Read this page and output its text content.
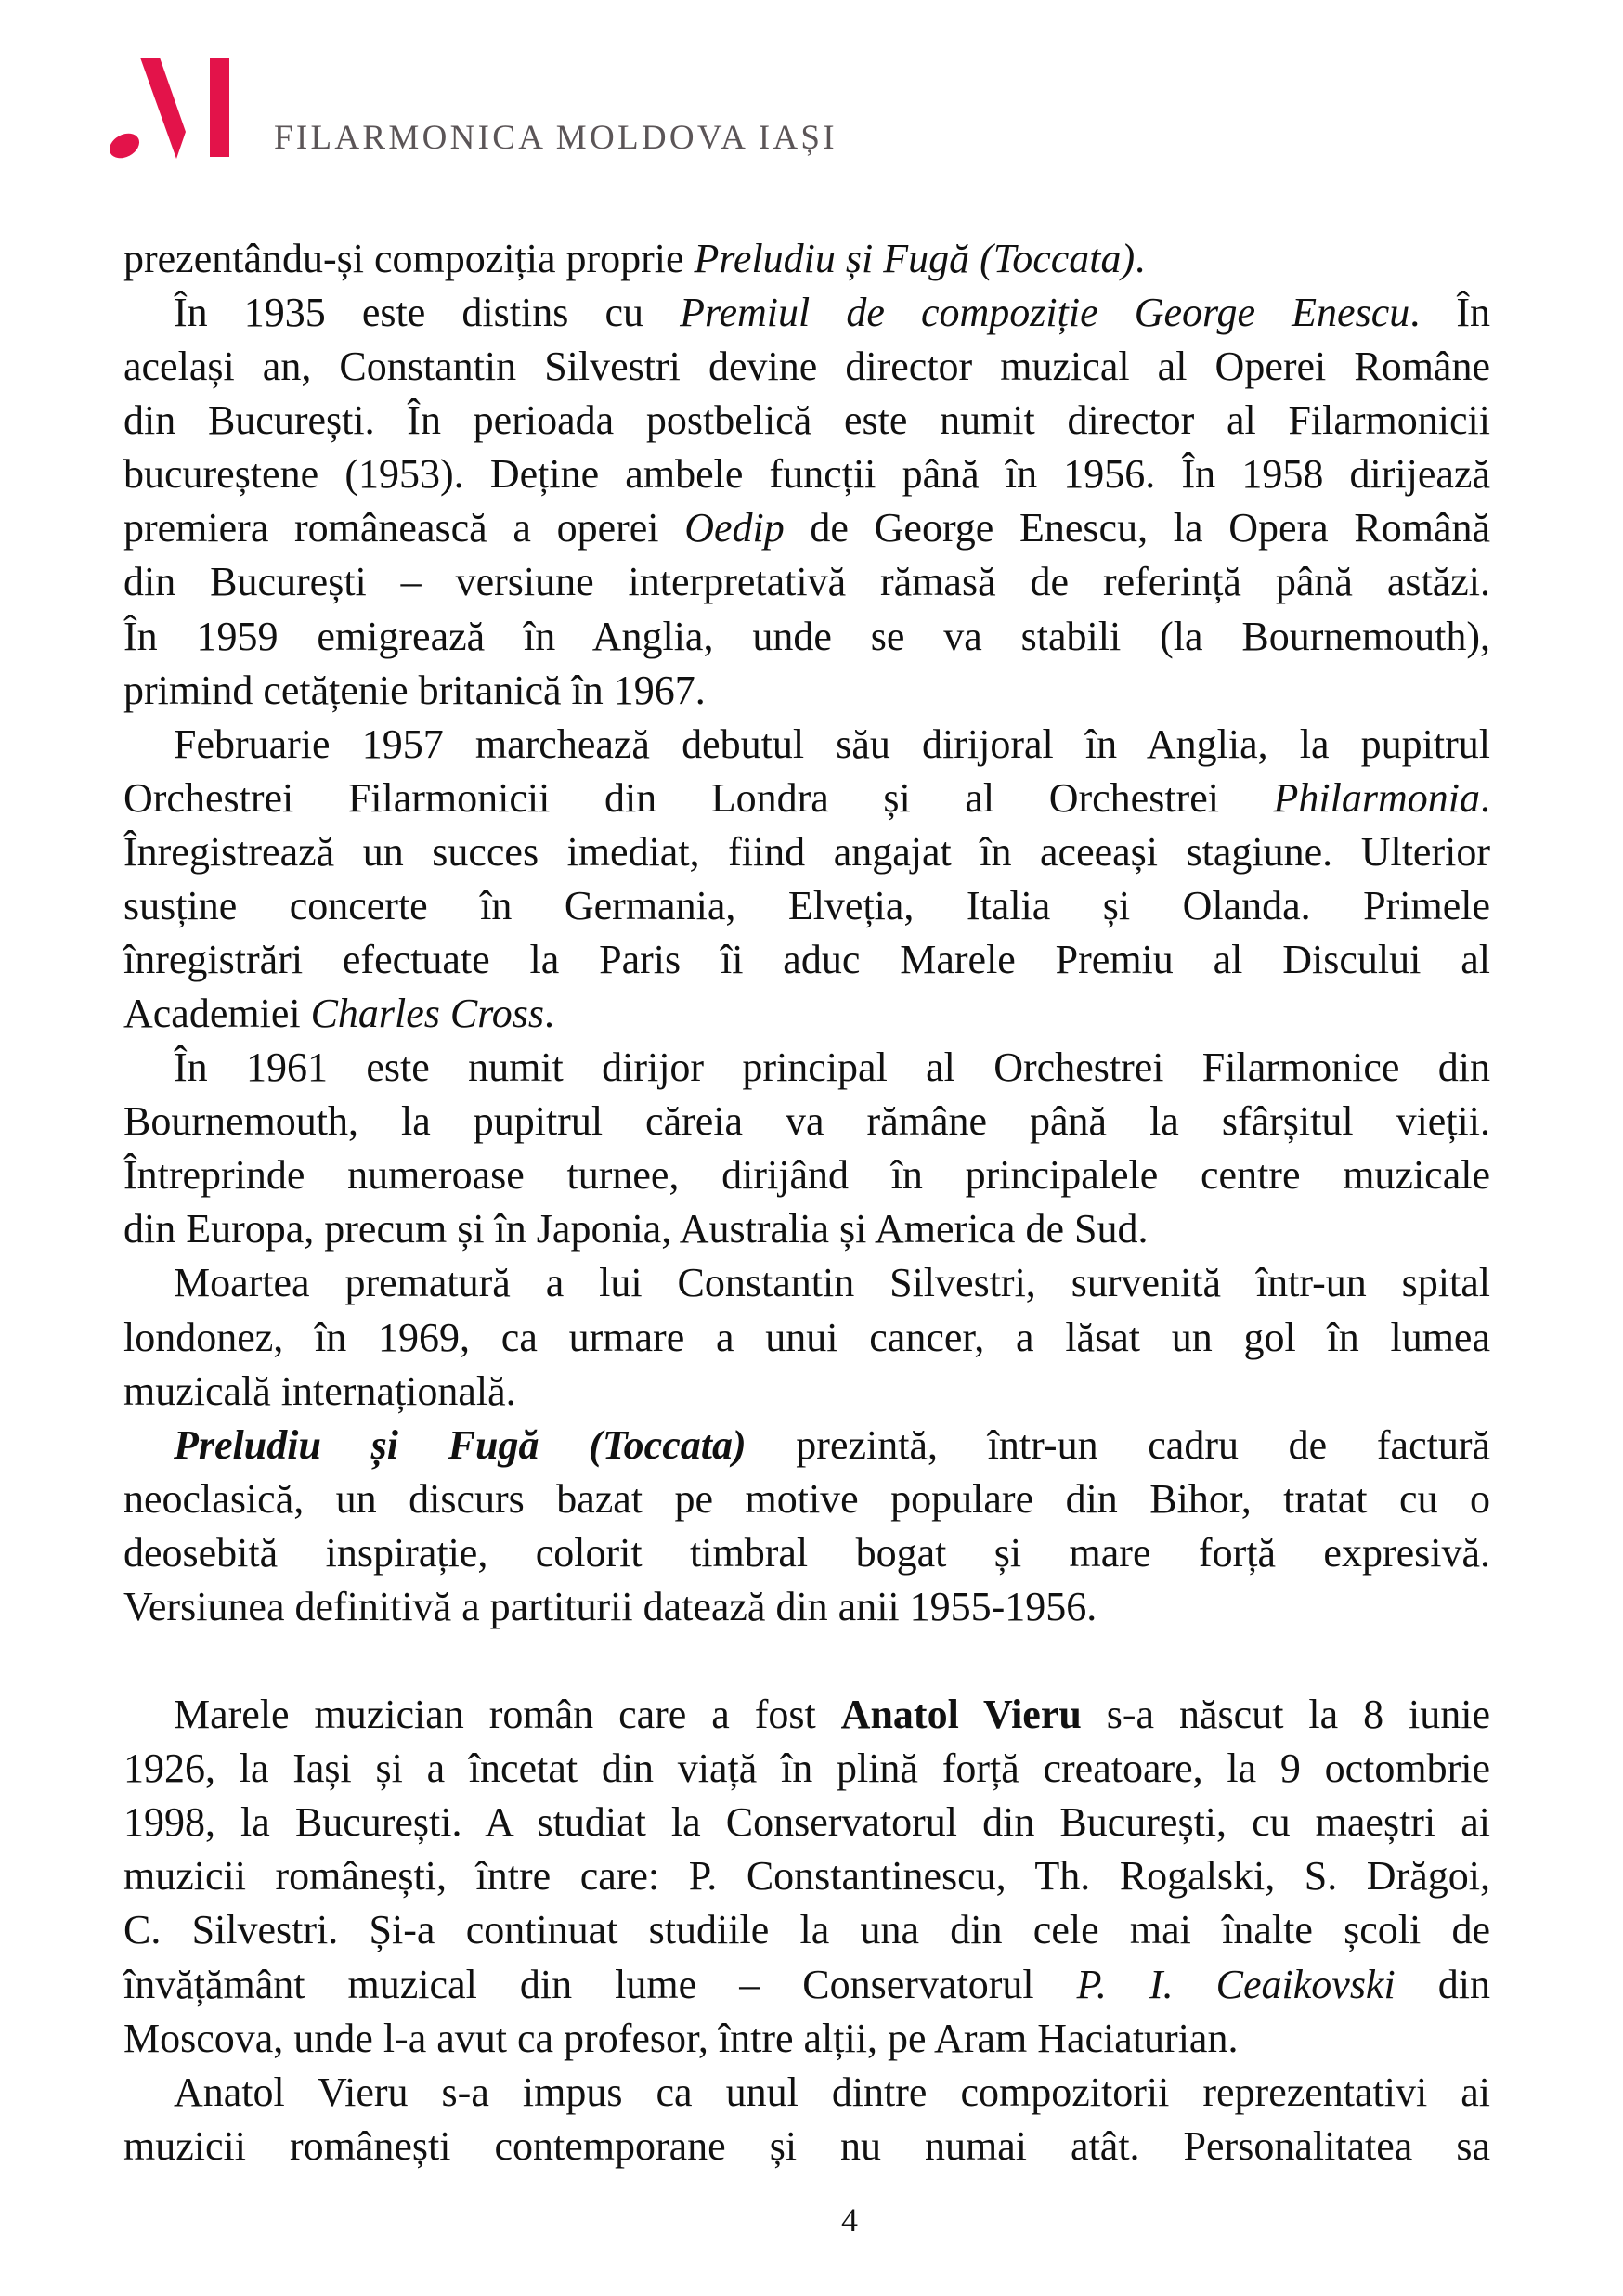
FILARMONICA MOLDOVA IAȘI
prezentându-și compoziția proprie Preludiu și Fugă (Toccata).
În 1935 este distins cu Premiul de compoziție George Enescu. În
același an, Constantin Silvestri devine director muzical al Operei Române
din București. În perioada postbelică este numit director al Filarmonicii
bucureștene (1953). Deține ambele funcții până în 1956. În 1958 dirijează
premiera românească a operei Oedip de George Enescu, la Opera Română
din București – versiune interpretativă rămasă de referință până astăzi.
În 1959 emigrează în Anglia, unde se va stabili (la Bournemouth),
primind cetățenie britanică în 1967.
Februarie 1957 marchează debutul său dirijoral în Anglia, la pupitrul
Orchestrei Filarmonicii din Londra și al Orchestrei Philarmonia.
Înregistrează un succes imediat, fiind angajat în aceeași stagiune. Ulterior
susține concerte în Germania, Elveția, Italia și Olanda. Primele
înregistrări efectuate la Paris îi aduc Marele Premiu al Discului al
Academiei Charles Cross.
În 1961 este numit dirijor principal al Orchestrei Filarmonice din
Bournemouth, la pupitrul căreia va rămâne până la sfârșitul vieții.
Întreprinde numeroase turnee, dirijând în principalele centre muzicale
din Europa, precum și în Japonia, Australia și America de Sud.
Moartea prematură a lui Constantin Silvestri, survenită într-un spital
londonez, în 1969, ca urmare a unui cancer, a lăsat un gol în lumea
muzicală internațională.
Preludiu și Fugă (Toccata) prezintă, într-un cadru de factură
neoclasică, un discurs bazat pe motive populare din Bihor, tratat cu o
deosebită inspirație, colorit timbral bogat și mare forță expresivă.
Versiunea definitivă a partiturii datează din anii 1955-1956.
Marele muzician român care a fost Anatol Vieru s-a născut la 8 iunie
1926, la Iași și a încetat din viață în plină forță creatoare, la 9 octombrie
1998, la București. A studiat la Conservatorul din București, cu maeștri ai
muzicii românești, între care: P. Constantinescu, Th. Rogalski, S. Drăgoi,
C. Silvestri. Și-a continuat studiile la una din cele mai înalte școli de
învățământ muzical din lume – Conservatorul P. I. Ceaikovski din
Moscova, unde l-a avut ca profesor, între alții, pe Aram Haciaturian.
Anatol Vieru s-a impus ca unul dintre compozitorii reprezentativi ai
muzicii românești contemporane și nu numai atât. Personalitatea sa
4
